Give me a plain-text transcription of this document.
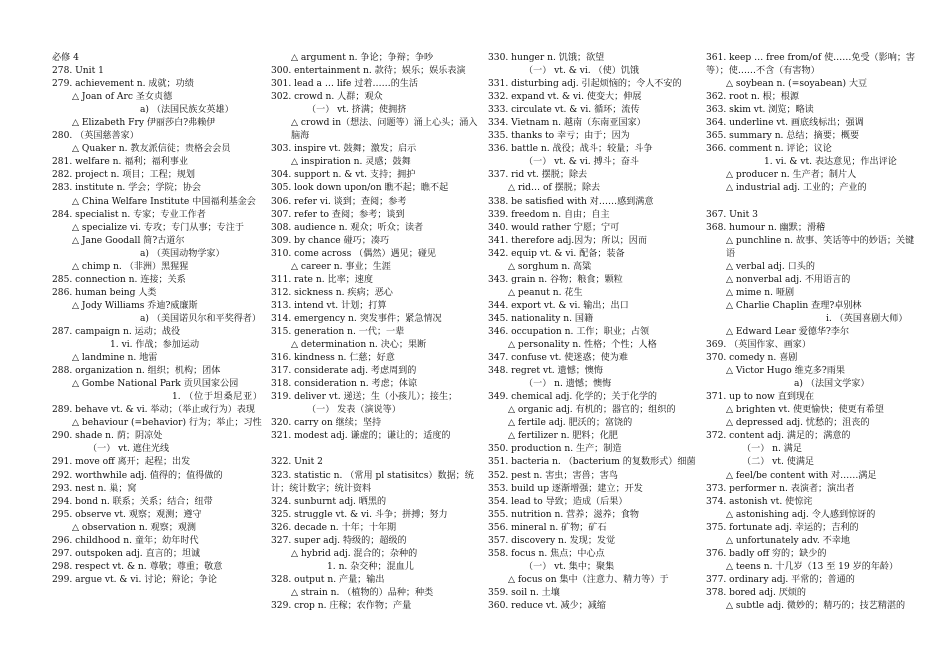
必修 4
278. Unit 1
279. achievement n. 成就；功绩
△ Joan of Arc 圣女贞德
a) （法国民族女英雄）
△ Elizabeth Fry 伊丽莎白?弗赖伊
280. （英国慈善家）
△ Quaker n. 教友派信徒；贵格会会员
281. welfare n. 福利；福利事业
282. project n. 项目；工程；规划
283. institute n. 学会；学院；协会
△ China Welfare Institute 中国福利基金会
284. specialist n. 专家；专业工作者
△ specialize vi. 专攻；专门从事；专注于
△ Jane Goodall 简?古道尔
a) （英国动物学家）
△ chimp n. （非洲）黑猩猩
285. connection n. 连接；关系
286. human being 人类
△ Jody Williams 乔迪?威廉斯
a) （美国诺贝尔和平奖得者）
287. campaign n. 运动；战役
1. vi. 作战；参加运动
△ landmine n. 地雷
288. organization n. 组织；机构；团体
△ Gombe National Park 贡贝国家公园
1. （位于坦桑尼亚）
289. behave vt. & vi. 举动；（举止或行为）表现
△ behaviour (=behavior) 行为；举止；习性
290. shade n. 荫；阴凉处
（一） vt. 遮住光线
291. move off 离开；起程；出发
292. worthwhile adj. 值得的；值得做的
293. nest n. 巢；窝
294. bond n. 联系；关系；结合；纽带
295. observe vt. 观察；观测；遵守
△ observation n. 观察；观测
296. childhood n. 童年；幼年时代
297. outspoken adj. 直言的；坦诚
298. respect vt. & n. 尊敬；尊重；敬意
299. argue vt. & vi. 讨论；辩论；争论
△ argument n. 争论；争辩；争吵
300. entertainment n. 款待；娱乐；娱乐表演
301. lead a … life 过着……的生活
302. crowd n. 人群；观众
（一） vt. 挤满；使拥挤
△ crowd in（想法、问题等）涌上心头；涌入脑海
303. inspire vt. 鼓舞；激发；启示
△ inspiration n. 灵感；鼓舞
304. support n. & vt. 支持；拥护
305. look down upon/on 瞧不起；瞧不起
306. refer vi. 谈到；查阅；参考
307. refer to 查阅；参考；谈到
308. audience n. 观众；听众；读者
309. by chance 碰巧；凑巧
310. come across （偶然）遇见；碰见
△ career n. 事业；生涯
311. rate n. 比率；速度
312. sickness n. 疾病；恶心
313. intend vt. 计划；打算
314. emergency n. 突发事件；紧急情况
315. generation n. 一代；一辈
△ determination n. 决心；果断
316. kindness n. 仁慈；好意
317. considerate adj. 考虑周到的
318. consideration n. 考虑；体谅
319. deliver vt. 递送；生（小孩儿）；接生；
（一） 发表（演说等）
320. carry on 继续；坚持
321. modest adj. 谦虚的；谦让的；适度的
322. Unit 2
323. statistic n. （常用 pl statisitcs）数据；统计；统计数字；统计资料
324. sunburnt adj. 晒黑的
325. struggle vt. & vi. 斗争；拼搏；努力
326. decade n. 十年；十年期
327. super adj. 特级的；超级的
△ hybrid adj. 混合的；杂种的
1. n. 杂交种；混血儿
328. output n. 产量；输出
△ strain n. （植物的）品种；种类
329. crop n. 庄稼；农作物；产量
330. hunger n. 饥饿；欲望
（一） vt. & vi. （使）饥饿
331. disturbing adj. 引起烦恼的；令人不安的
332. expand vt. & vi. 使变大；伸展
333. circulate vt. & vi. 循环；流传
334. Vietnam n. 越南（东南亚国家）
335. thanks to 幸亏；由于；因为
336. battle n. 战役；战斗；较量；斗争
（一） vt. & vi. 搏斗；奋斗
337. rid vt. 摆脱；除去
△ rid… of 摆脱；除去
338. be satisfied with 对……感到满意
339. freedom n. 自由；自主
340. would rather 宁愿；宁可
341. therefore adj.因为；所以；因而
342. equip vt. & vi. 配备；装备
△ sorghum n. 高粱
343. grain n. 谷物；粮食；颗粒
△ peanut n. 花生
344. export vt. & vi. 输出；出口
345. nationality n. 国籍
346. occupation n. 工作；职业；占领
△ personality n. 性格；个性；人格
347. confuse vt. 使迷惑；使为难
348. regret vt. 遗憾；懊悔
（一） n. 遗憾；懊悔
349. chemical adj. 化学的；关于化学的
△ organic adj. 有机的；器官的；组织的
△ fertile adj. 肥沃的；富饶的
△ fertilizer n. 肥料；化肥
350. production n. 生产；制造
351. bacteria n. （bacterium 的复数形式）细菌
352. pest n. 害虫；害兽；害鸟
353. build up 逐渐增强；建立；开发
354. lead to 导致；造成（后果）
355. nutrition n. 营养；滋养；食物
356. mineral n. 矿物；矿石
357. discovery n. 发现；发觉
358. focus n. 焦点；中心点
（一） vt. 集中；聚集
△ focus on 集中（注意力、精力等）于
359. soil n. 土壤
360. reduce vt. 减少；减缩
361. keep … free from/of 使……免受（影响；害等）；使……不含（有害物）
△ soybean n. (=soyabean) 大豆
362. root n. 根；根源
363. skim vt. 浏览；略读
364. underline vt. 画底线标出；强调
365. summary n. 总结；摘要；概要
366. comment n. 评论；议论
1. vi. & vt. 表达意见；作出评论
△ producer n. 生产者；制片人
△ industrial adj. 工业的；产业的
367. Unit 3
368. humour n. 幽默；滑稽
△ punchline n. 故事、笑话等中的妙语；关键语
△ verbal adj. 口头的
△ nonverbal adj. 不用语言的
△ mime n. 哑剧
△ Charlie Chaplin 查理?卓别林
i. （英国喜剧大师）
△ Edward Lear 爱德华?李尔
369. （英国作家、画家）
370. comedy n. 喜剧
△ Victor Hugo 维克多?雨果
a) （法国文学家）
371. up to now 直到现在
△ brighten vt. 使更愉快；使更有希望
△ depressed adj. 忧愁的；沮丧的
372. content adj. 满足的；满意的
（一） n. 满足
（二） vt. 使满足
△ feel/be content with 对……满足
373. performer n. 表演者；演出者
374. astonish vt. 使惊诧
△ astonishing adj. 令人感到惊讶的
375. fortunate adj. 幸运的；吉利的
△ unfortunately adv. 不幸地
376. badly off 穷的；缺少的
△ teens n. 十几岁（13 至 19 岁的年龄）
377. ordinary adj. 平常的；普通的
378. bored adj. 厌烦的
△ subtle adj. 微妙的；精巧的；技艺精湛的
